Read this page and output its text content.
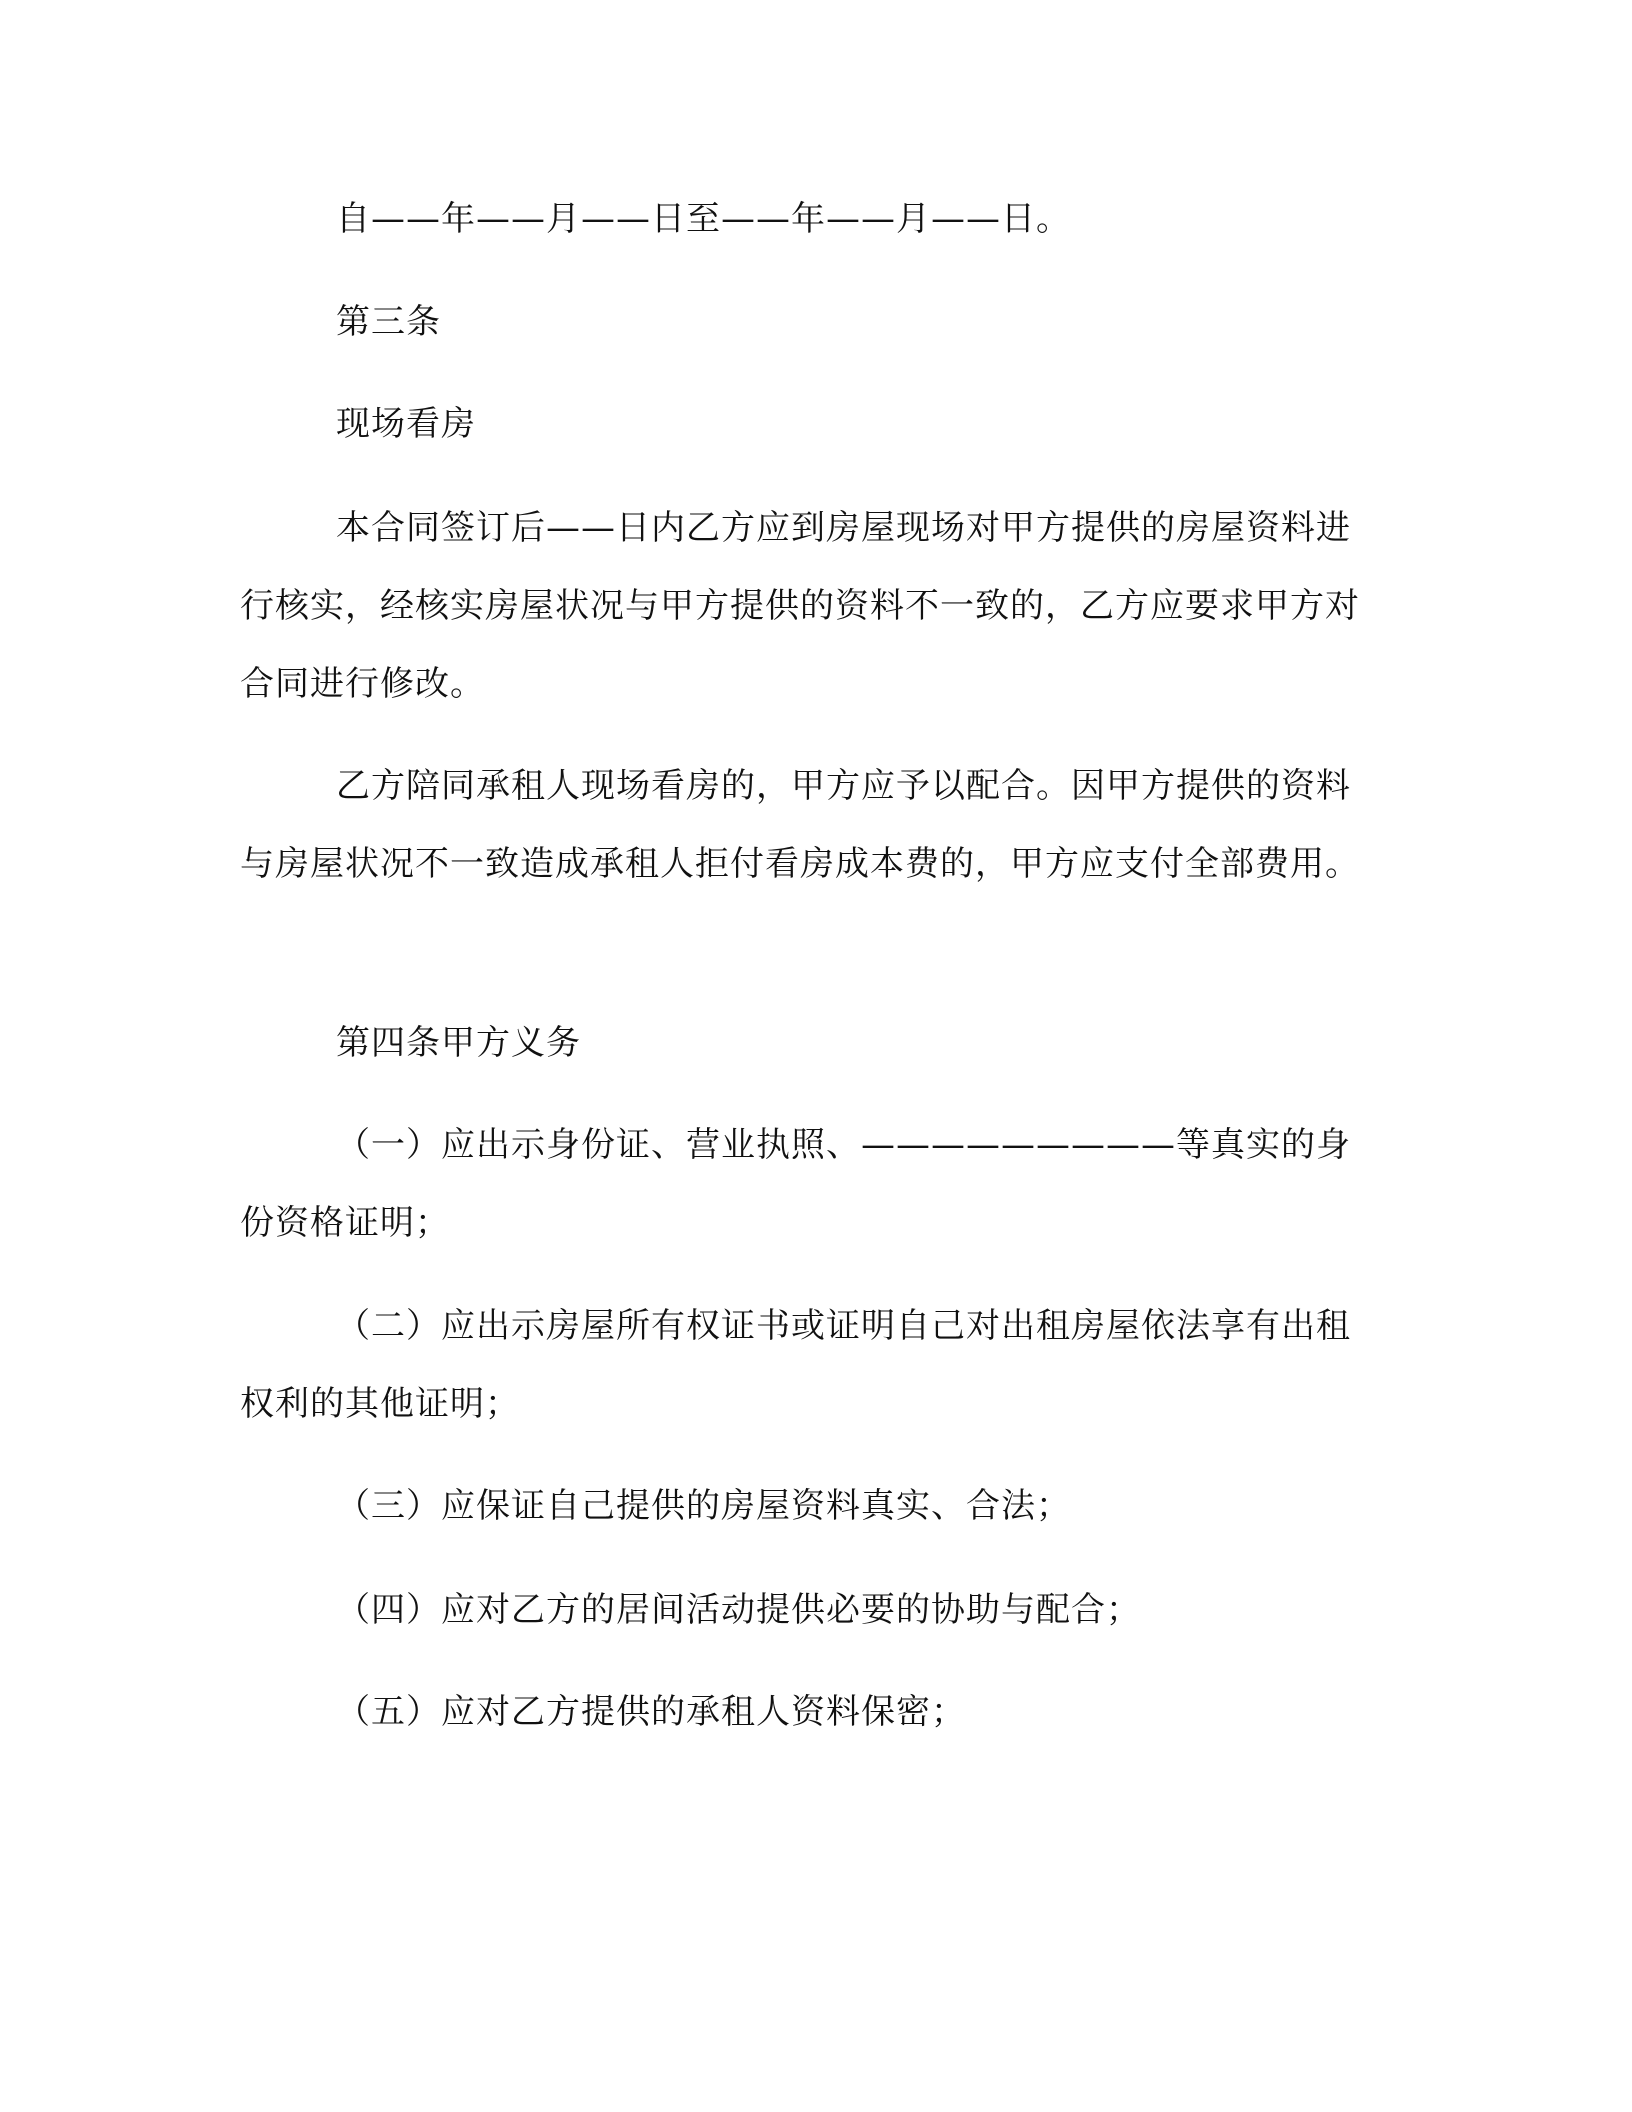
自——年——月——日至——年——月——日。

第三条

现场看房

本合同签订后——日内乙方应到房屋现场对甲方提供的房屋资料进行核实，经核实房屋状况与甲方提供的资料不一致的，乙方应要求甲方对合同进行修改。

乙方陪同承租人现场看房的，甲方应予以配合。因甲方提供的资料与房屋状况不一致造成承租人拒付看房成本费的，甲方应支付全部费用。

第四条甲方义务

（一）应出示身份证、营业执照、—————————等真实的身份资格证明；

（二）应出示房屋所有权证书或证明自己对出租房屋依法享有出租权利的其他证明；

（三）应保证自己提供的房屋资料真实、合法；

（四）应对乙方的居间活动提供必要的协助与配合；

（五）应对乙方提供的承租人资料保密；
